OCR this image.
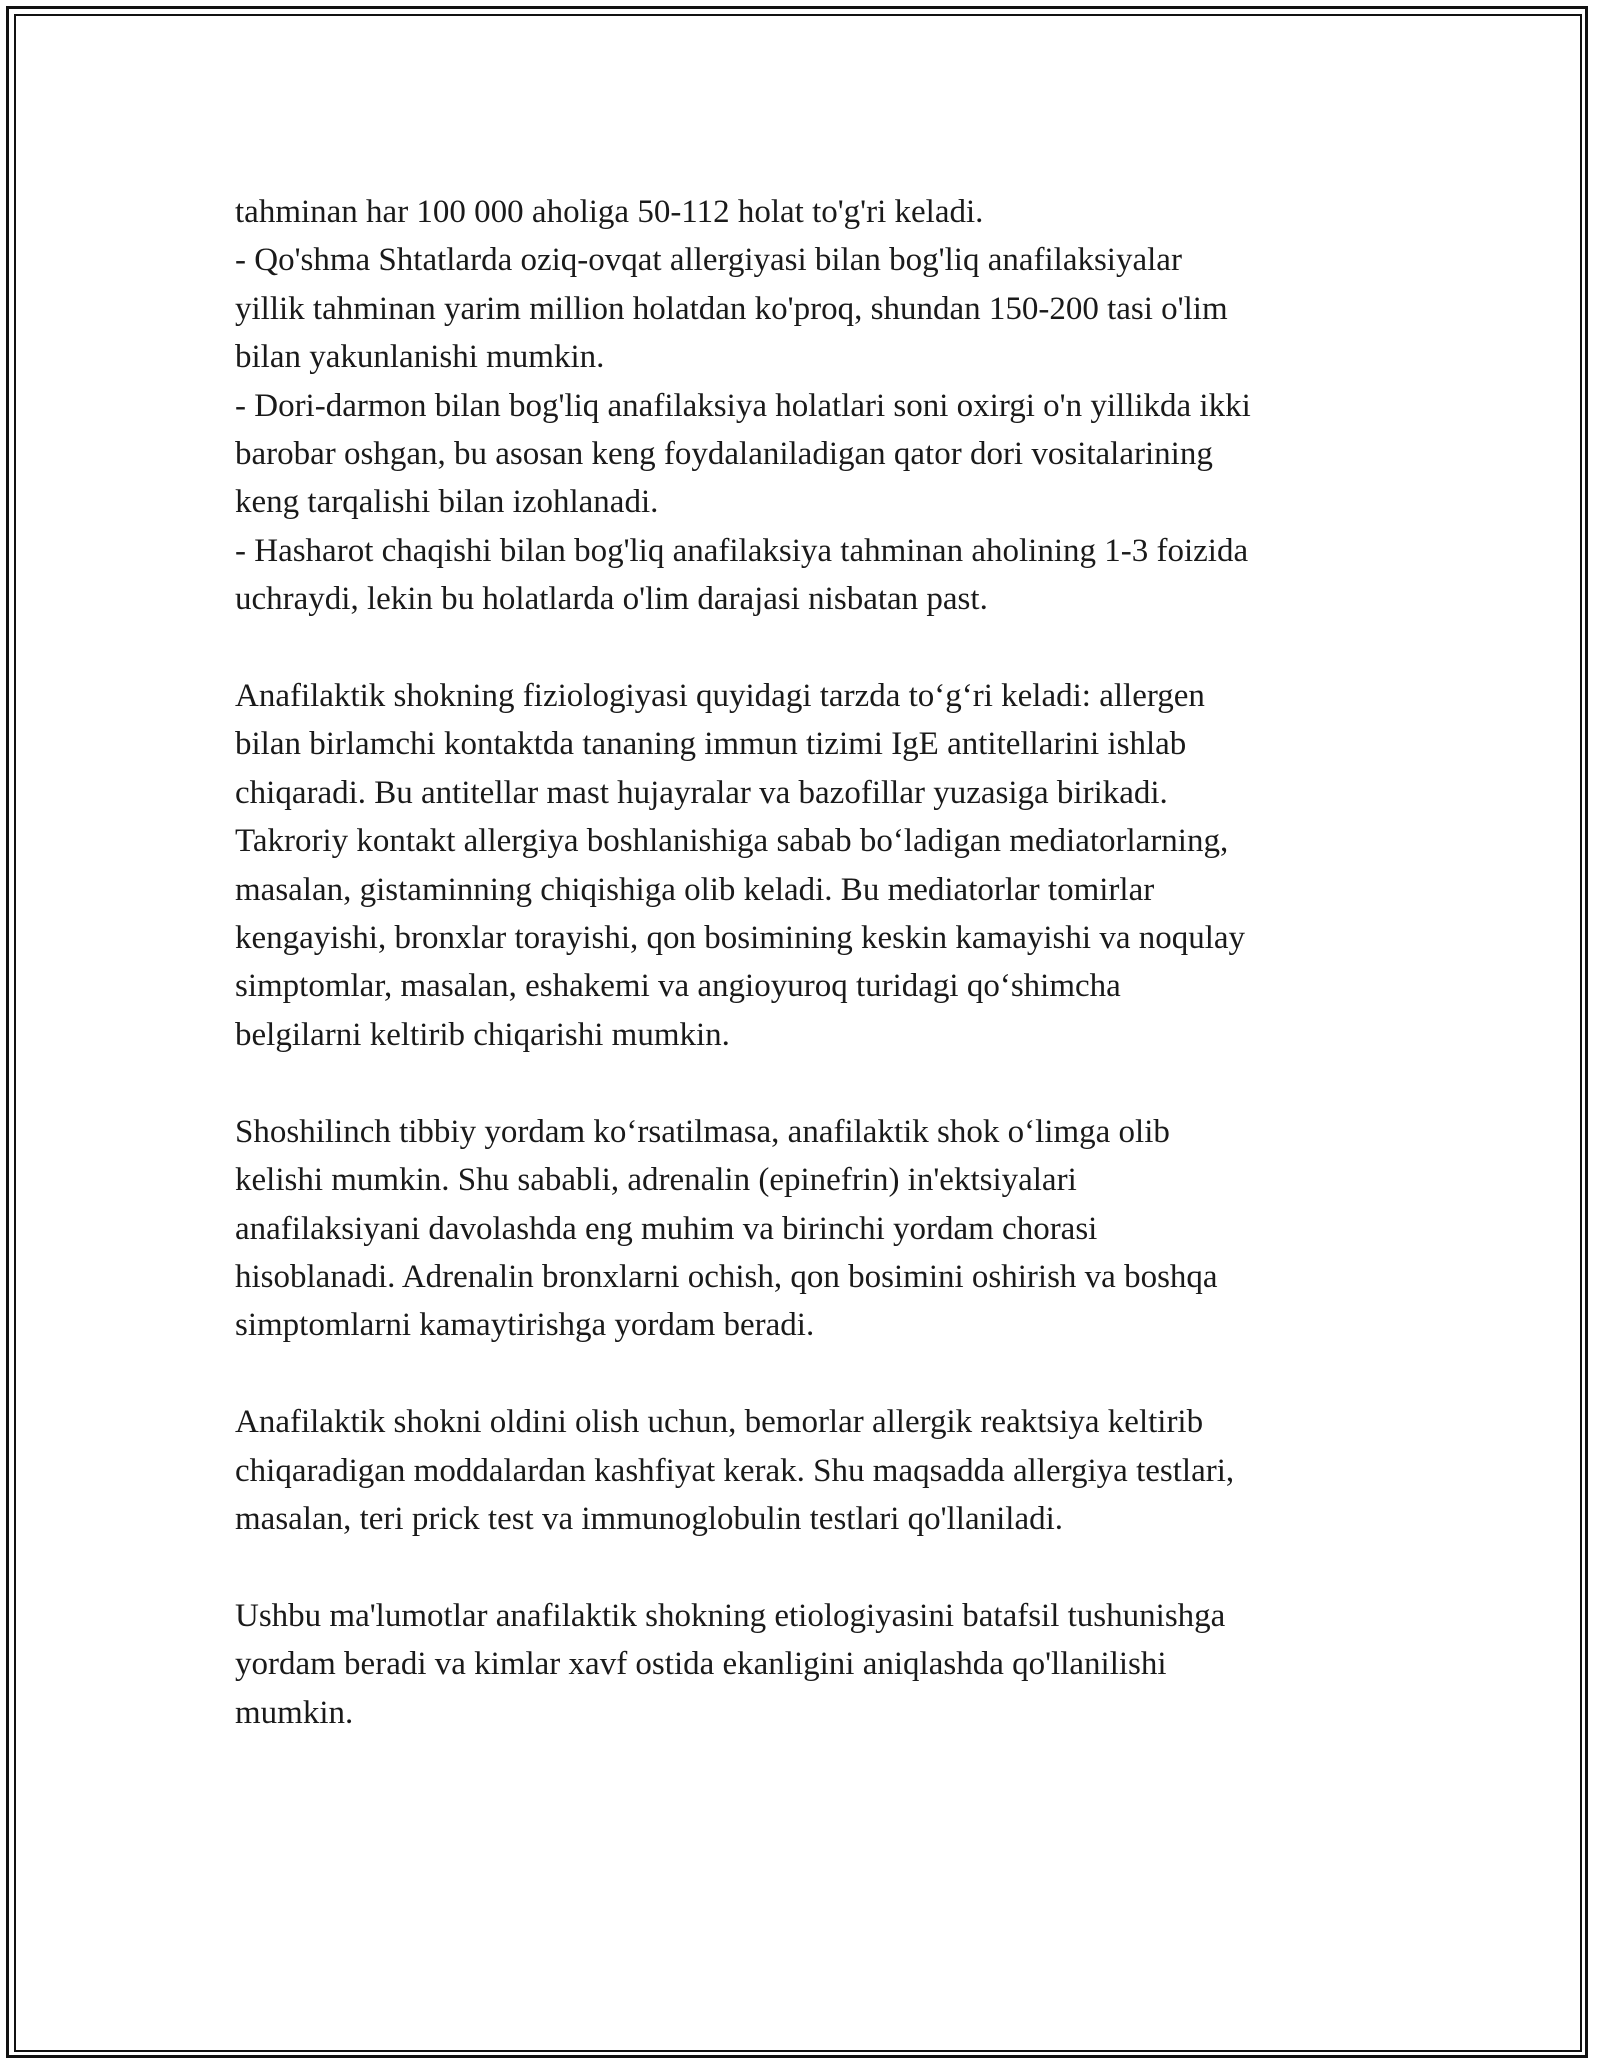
tahminan har 100 000 aholiga 50-112 holat to'g'ri keladi.
- Qo'shma Shtatlarda oziq-ovqat allergiyasi bilan bog'liq anafilaksiyalar
yillik tahminan yarim million holatdan ko'proq, shundan 150-200 tasi o'lim
bilan yakunlanishi mumkin.
- Dori-darmon bilan bog'liq anafilaksiya holatlari soni oxirgi o'n yillikda ikki
barobar oshgan, bu asosan keng foydalaniladigan qator dori vositalarining
keng tarqalishi bilan izohlanadi.
- Hasharot chaqishi bilan bog'liq anafilaksiya tahminan aholining 1-3 foizida
uchraydi, lekin bu holatlarda o'lim darajasi nisbatan past.

Anafilaktik shokning fiziologiyasi quyidagi tarzda to‘g‘ri keladi: allergen
bilan birlamchi kontaktda tananing immun tizimi IgE antitellarini ishlab
chiqaradi. Bu antitellar mast hujayralar va bazofillar yuzasiga birikadi.
Takroriy kontakt allergiya boshlanishiga sabab bo‘ladigan mediatorlarning,
masalan, gistaminning chiqishiga olib keladi. Bu mediatorlar tomirlar
kengayishi, bronxlar torayishi, qon bosimining keskin kamayishi va noqulay
simptomlar, masalan, eshakemi va angioyuroq turidagi qo‘shimcha
belgilarni keltirib chiqarishi mumkin.

Shoshilinch tibbiy yordam ko‘rsatilmasa, anafilaktik shok o‘limga olib
kelishi mumkin. Shu sababli, adrenalin (epinefrin) in'ektsiyalari
anafilaksiyani davolashda eng muhim va birinchi yordam chorasi
hisoblanadi. Adrenalin bronxlarni ochish, qon bosimini oshirish va boshqa
simptomlarni kamaytirishga yordam beradi.

Anafilaktik shokni oldini olish uchun, bemorlar allergik reaktsiya keltirib
chiqaradigan moddalardan kashfiyat kerak. Shu maqsadda allergiya testlari,
masalan, teri prick test va immunoglobulin testlari qo'llaniladi.

Ushbu ma'lumotlar anafilaktik shokning etiologiyasini batafsil tushunishga
yordam beradi va kimlar xavf ostida ekanligini aniqlashda qo'llanilishi
mumkin.
